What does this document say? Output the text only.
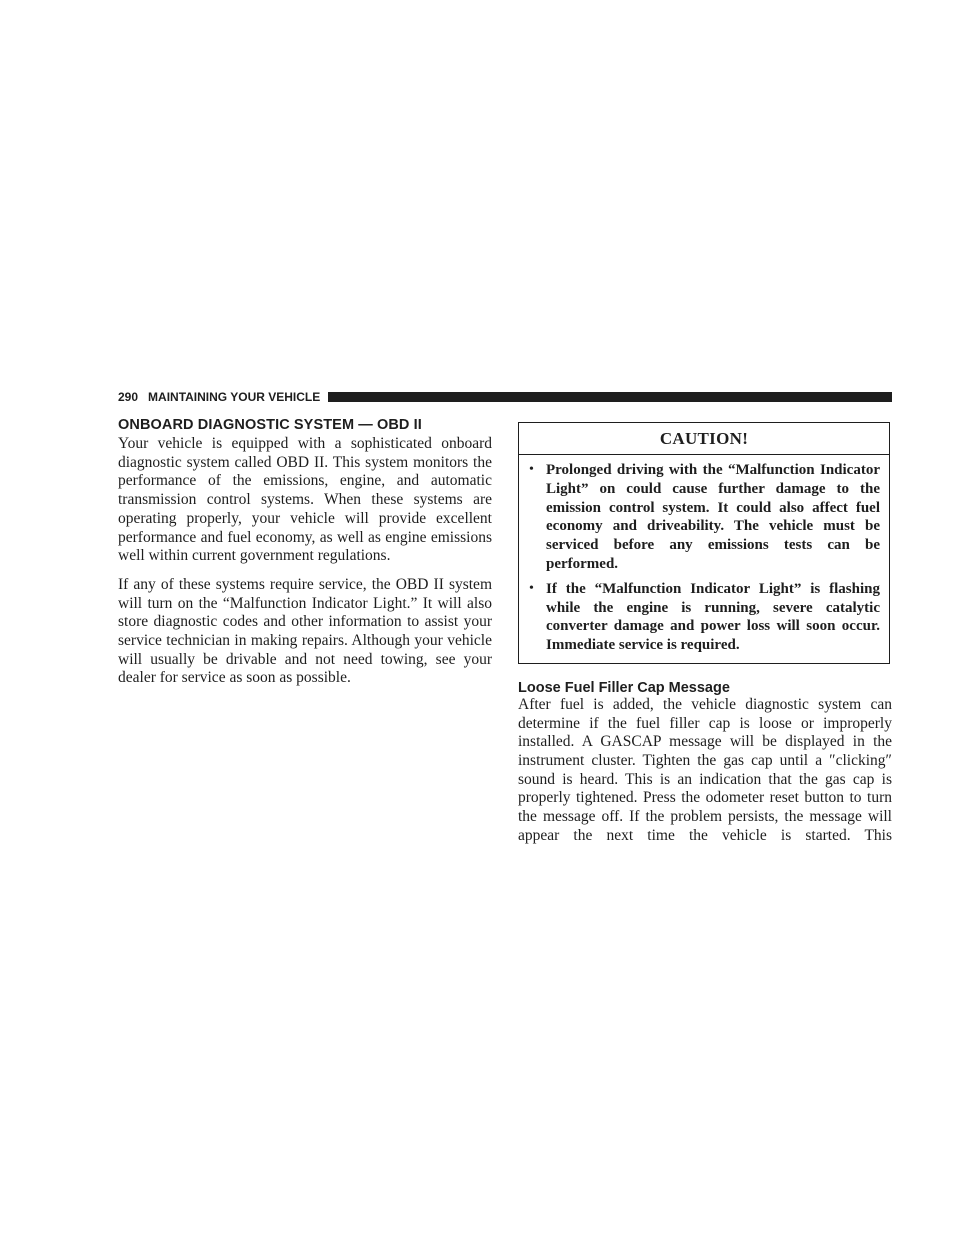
290 MAINTAINING YOUR VEHICLE
ONBOARD DIAGNOSTIC SYSTEM — OBD II

Your vehicle is equipped with a sophisticated onboard diagnostic system called OBD II. This system monitors the performance of the emissions, engine, and automatic transmission control systems. When these systems are operating properly, your vehicle will provide excellent performance and fuel economy, as well as engine emissions well within current government regulations.

If any of these systems require service, the OBD II system will turn on the “Malfunction Indicator Light.” It will also store diagnostic codes and other information to assist your service technician in making repairs. Although your vehicle will usually be drivable and not need towing, see your dealer for service as soon as possible.

CAUTION!
• Prolonged driving with the “Malfunction Indicator Light” on could cause further damage to the emission control system. It could also affect fuel economy and driveability. The vehicle must be serviced before any emissions tests can be performed.
• If the “Malfunction Indicator Light” is flashing while the engine is running, severe catalytic converter damage and power loss will soon occur. Immediate service is required.
Loose Fuel Filler Cap Message

After fuel is added, the vehicle diagnostic system can determine if the fuel filler cap is loose or improperly installed. A GASCAP message will be displayed in the instrument cluster. Tighten the gas cap until a ″clicking″ sound is heard. This is an indication that the gas cap is properly tightened. Press the odometer reset button to turn the message off. If the problem persists, the message will appear the next time the vehicle is started. This
